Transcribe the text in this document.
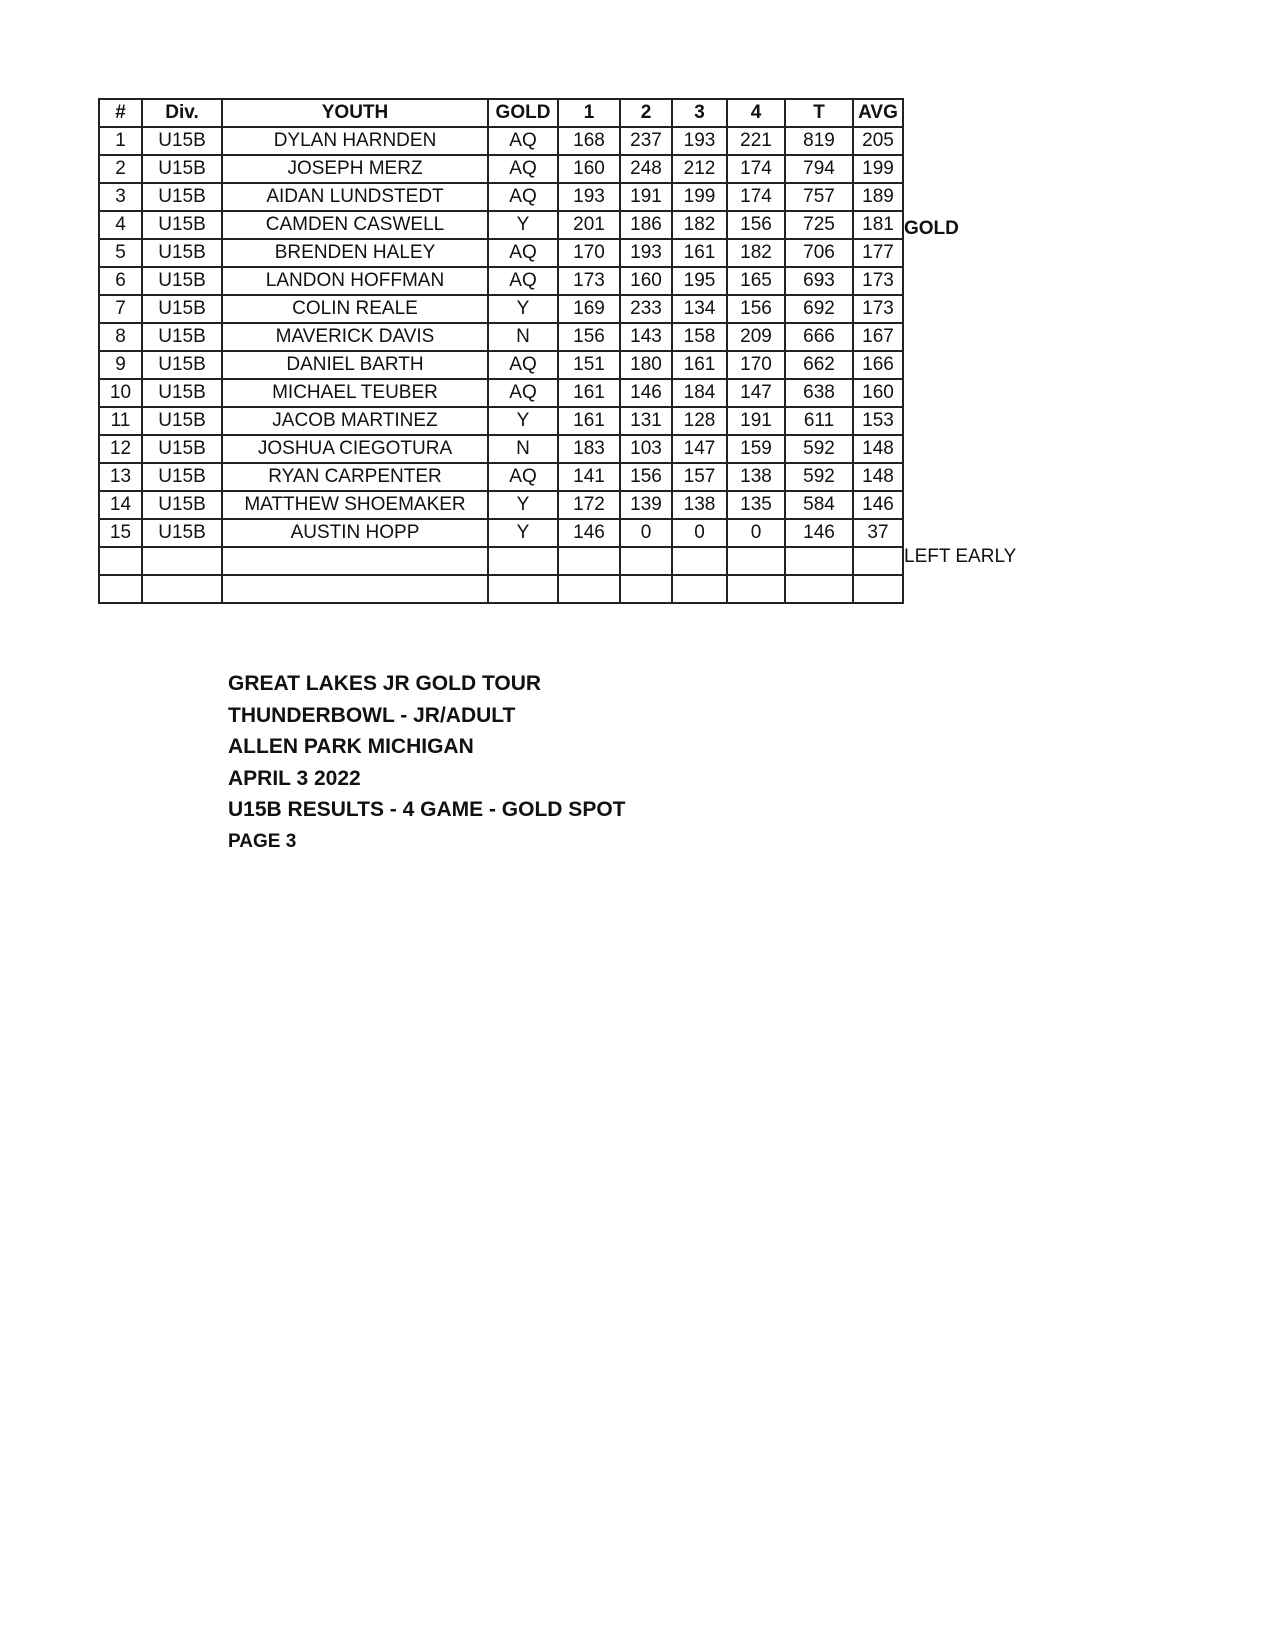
#	Div.	YOUTH	GOLD	1	2	3	4	T	AVG
1	U15B	DYLAN HARNDEN	AQ	168	237	193	221	819	205
2	U15B	JOSEPH MERZ	AQ	160	248	212	174	794	199
3	U15B	AIDAN LUNDSTEDT	AQ	193	191	199	174	757	189
4	U15B	CAMDEN CASWELL	Y	201	186	182	156	725	181
5	U15B	BRENDEN HALEY	AQ	170	193	161	182	706	177
6	U15B	LANDON HOFFMAN	AQ	173	160	195	165	693	173
7	U15B	COLIN REALE	Y	169	233	134	156	692	173
8	U15B	MAVERICK DAVIS	N	156	143	158	209	666	167
9	U15B	DANIEL BARTH	AQ	151	180	161	170	662	166
10	U15B	MICHAEL TEUBER	AQ	161	146	184	147	638	160
11	U15B	JACOB MARTINEZ	Y	161	131	128	191	611	153
12	U15B	JOSHUA CIEGOTURA	N	183	103	147	159	592	148
13	U15B	RYAN CARPENTER	AQ	141	156	157	138	592	148
14	U15B	MATTHEW SHOEMAKER	Y	172	139	138	135	584	146
15	U15B	AUSTIN HOPP	Y	146	0	0	0	146	37

GOLD
LEFT EARLY
GREAT LAKES JR GOLD TOUR
THUNDERBOWL - JR/ADULT
ALLEN PARK MICHIGAN
APRIL 3 2022
U15B RESULTS - 4 GAME - GOLD SPOT
PAGE 3
